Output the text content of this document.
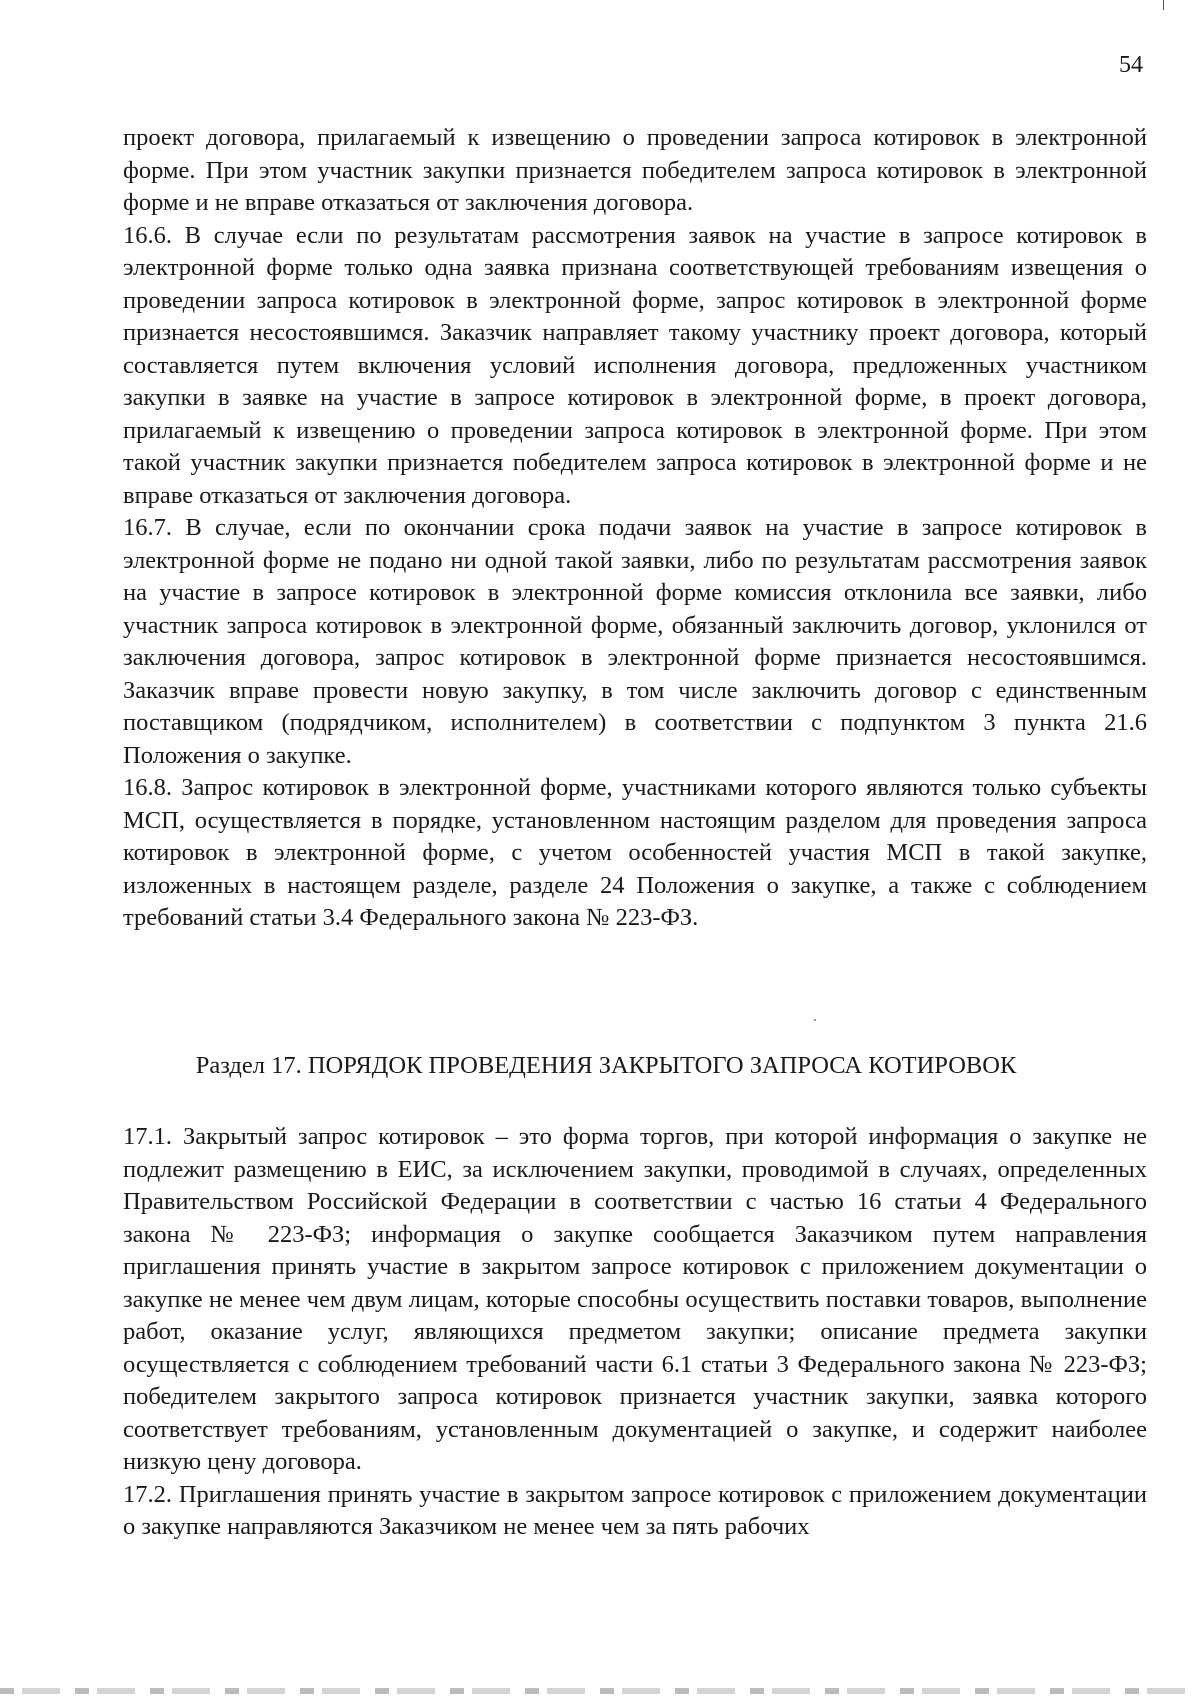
54

проект договора, прилагаемый к извещению о проведении запроса котировок в электронной форме. При этом участник закупки признается победителем запроса котировок в электронной форме и не вправе отказаться от заключения договора.

16.6. В случае если по результатам рассмотрения заявок на участие в запросе котировок в электронной форме только одна заявка признана соответствующей требованиям извещения о проведении запроса котировок в электронной форме, запрос котировок в электронной форме признается несостоявшимся. Заказчик направляет такому участнику проект договора, который составляется путем включения условий исполнения договора, предложенных участником закупки в заявке на участие в запросе котировок в электронной форме, в проект договора, прилагаемый к извещению о проведении запроса котировок в электронной форме. При этом такой участник закупки признается победителем запроса котировок в электронной форме и не вправе отказаться от заключения договора.

16.7. В случае, если по окончании срока подачи заявок на участие в запросе котировок в электронной форме не подано ни одной такой заявки, либо по результатам рассмотрения заявок на участие в запросе котировок в электронной форме комиссия отклонила все заявки, либо участник запроса котировок в электронной форме, обязанный заключить договор, уклонился от заключения договора, запрос котировок в электронной форме признается несостоявшимся. Заказчик вправе провести новую закупку, в том числе заключить договор с единственным поставщиком (подрядчиком, исполнителем) в соответствии с подпунктом 3 пункта 21.6 Положения о закупке.

16.8. Запрос котировок в электронной форме, участниками которого являются только субъекты МСП, осуществляется в порядке, установленном настоящим разделом для проведения запроса котировок в электронной форме, с учетом особенностей участия МСП в такой закупке, изложенных в настоящем разделе, разделе 24 Положения о закупке, а также с соблюдением требований статьи 3.4 Федерального закона № 223-ФЗ.

Раздел 17. ПОРЯДОК ПРОВЕДЕНИЯ ЗАКРЫТОГО ЗАПРОСА КОТИРОВОК

17.1. Закрытый запрос котировок – это форма торгов, при которой информация о закупке не подлежит размещению в ЕИС, за исключением закупки, проводимой в случаях, определенных Правительством Российской Федерации в соответствии с частью 16 статьи 4 Федерального закона № 223-ФЗ; информация о закупке сообщается Заказчиком путем направления приглашения принять участие в закрытом запросе котировок с приложением документации о закупке не менее чем двум лицам, которые способны осуществить поставки товаров, выполнение работ, оказание услуг, являющихся предметом закупки; описание предмета закупки осуществляется с соблюдением требований части 6.1 статьи 3 Федерального закона № 223-ФЗ; победителем закрытого запроса котировок признается участник закупки, заявка которого соответствует требованиям, установленным документацией о закупке, и содержит наиболее низкую цену договора.

17.2. Приглашения принять участие в закрытом запросе котировок с приложением документации о закупке направляются Заказчиком не менее чем за пять рабочих
